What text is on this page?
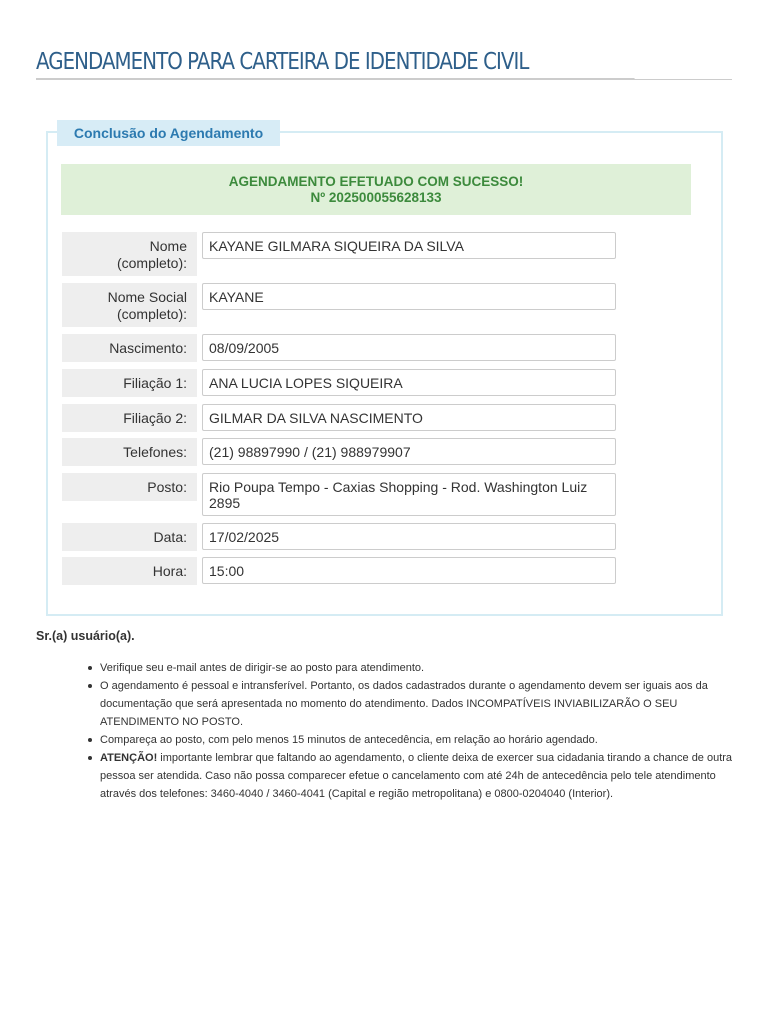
AGENDAMENTO PARA CARTEIRA DE IDENTIDADE CIVIL
Conclusão do Agendamento
AGENDAMENTO EFETUADO COM SUCESSO!
Nº 202500055628133
Nome (completo):
KAYANE GILMARA SIQUEIRA DA SILVA
Nome Social (completo):
KAYANE
Nascimento:	08/09/2005
Filiação 1:	ANA LUCIA LOPES SIQUEIRA
Filiação 2:	GILMAR DA SILVA NASCIMENTO
Telefones:	(21) 98897990 / (21) 988979907
Posto:	Rio Poupa Tempo - Caxias Shopping - Rod. Washington Luiz 2895
Data:	17/02/2025
Hora:	15:00
Sr.(a) usuário(a).
Verifique seu e-mail antes de dirigir-se ao posto para atendimento.
O agendamento é pessoal e intransferível. Portanto, os dados cadastrados durante o agendamento devem ser iguais aos da documentação que será apresentada no momento do atendimento. Dados INCOMPATÍVEIS INVIABILIZARÃO O SEU ATENDIMENTO NO POSTO.
Compareça ao posto, com pelo menos 15 minutos de antecedência, em relação ao horário agendado.
ATENÇÃO! importante lembrar que faltando ao agendamento, o cliente deixa de exercer sua cidadania tirando a chance de outra pessoa ser atendida. Caso não possa comparecer efetue o cancelamento com até 24h de antecedência pelo tele atendimento através dos telefones: 3460-4040 / 3460-4041 (Capital e região metropolitana) e 0800-0204040 (Interior).
